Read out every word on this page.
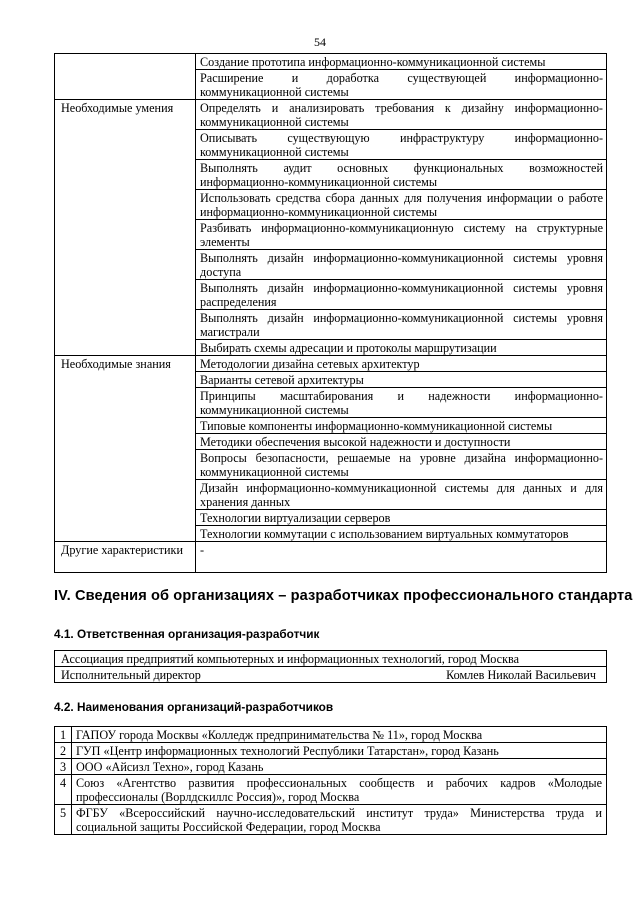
54
	Создание прототипа информационно-коммуникационной системы
	Расширение и доработка существующей информационно-коммуникационной системы
Необходимые умения	Определять и анализировать требования к дизайну информационно-коммуникационной системы
	Описывать существующую инфраструктуру информационно-коммуникационной системы
	Выполнять аудит основных функциональных возможностей информационно-коммуникационной системы
	Использовать средства сбора данных для получения информации о работе информационно-коммуникационной системы
	Разбивать информационно-коммуникационную систему на структурные элементы
	Выполнять дизайн информационно-коммуникационной системы уровня доступа
	Выполнять дизайн информационно-коммуникационной системы уровня распределения
	Выполнять дизайн информационно-коммуникационной системы уровня магистрали
	Выбирать схемы адресации и протоколы маршрутизации
Необходимые знания	Методологии дизайна сетевых архитектур
	Варианты сетевой архитектуры
	Принципы масштабирования и надежности информационно-коммуникационной системы
	Типовые компоненты информационно-коммуникационной системы
	Методики обеспечения высокой надежности и доступности
	Вопросы безопасности, решаемые на уровне дизайна информационно-коммуникационной системы
	Дизайн информационно-коммуникационной системы для данных и для хранения данных
	Технологии виртуализации серверов
	Технологии коммутации с использованием виртуальных коммутаторов
Другие характеристики	-
IV. Сведения об организациях – разработчиках профессионального стандарта
4.1. Ответственная организация-разработчик
Ассоциация предприятий компьютерных и информационных технологий, город Москва

Исполнительный директор	Комлев Николай Васильевич
4.2. Наименования организаций-разработчиков
1	ГАПОУ города Москвы «Колледж предпринимательства № 11», город Москва
2	ГУП «Центр информационных технологий Республики Татарстан», город Казань
3	ООО «Айсизл Техно», город Казань
4	Союз «Агентство развития профессиональных сообществ и рабочих кадров «Молодые профессионалы (Ворлдскиллс Россия)», город Москва
5	ФГБУ «Всероссийский научно-исследовательский институт труда» Министерства труда и социальной защиты Российской Федерации, город Москва
